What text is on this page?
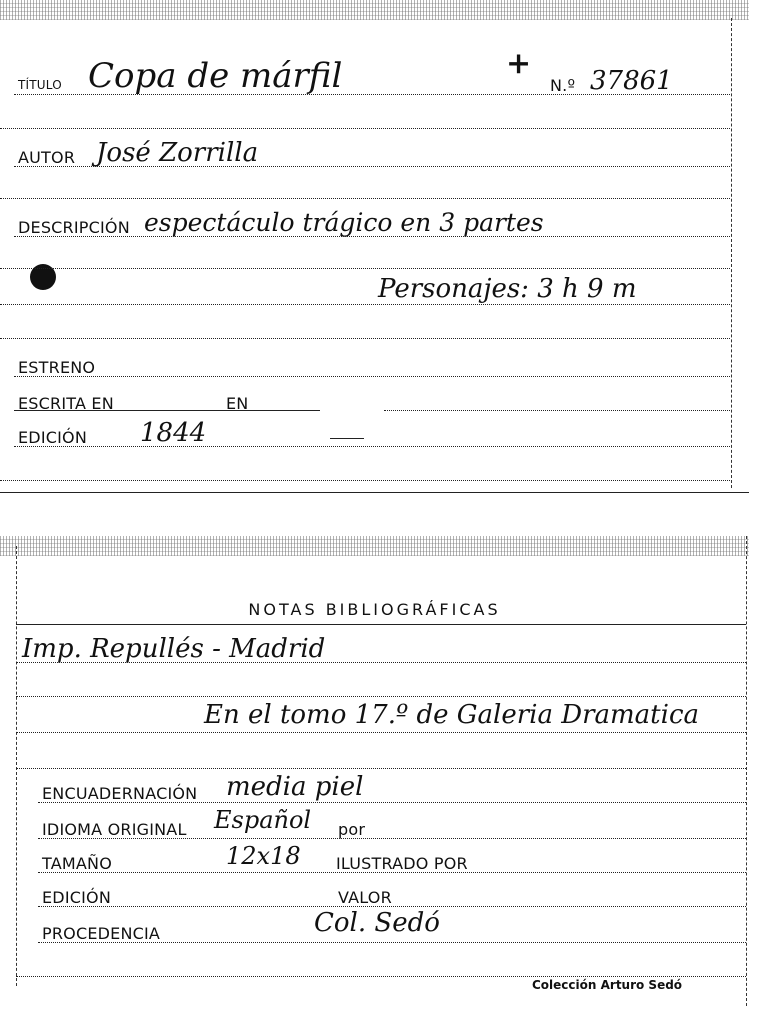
TÍTULO Copa de márfil	+
N.º 37861
AUTOR José Zorrilla
DESCRIPCIÓN espectáculo trágico en 3 partes
Personajes: 3 h 9 m
ESTRENO
ESCRITA EN	EN
EDICIÓN 1844
NOTAS BIBLIOGRÁFICAS
Imp. Repullés - Madrid
En el tomo 17.º de Galeria Dramatica
ENCUADERNACIÓN media piel
IDIOMA ORIGINAL Español por
TAMAÑO	12x18 ILUSTRADO POR
EDICIÓN	VALOR
PROCEDENCIA	Col. Sedó
Colección Arturo Sedó
